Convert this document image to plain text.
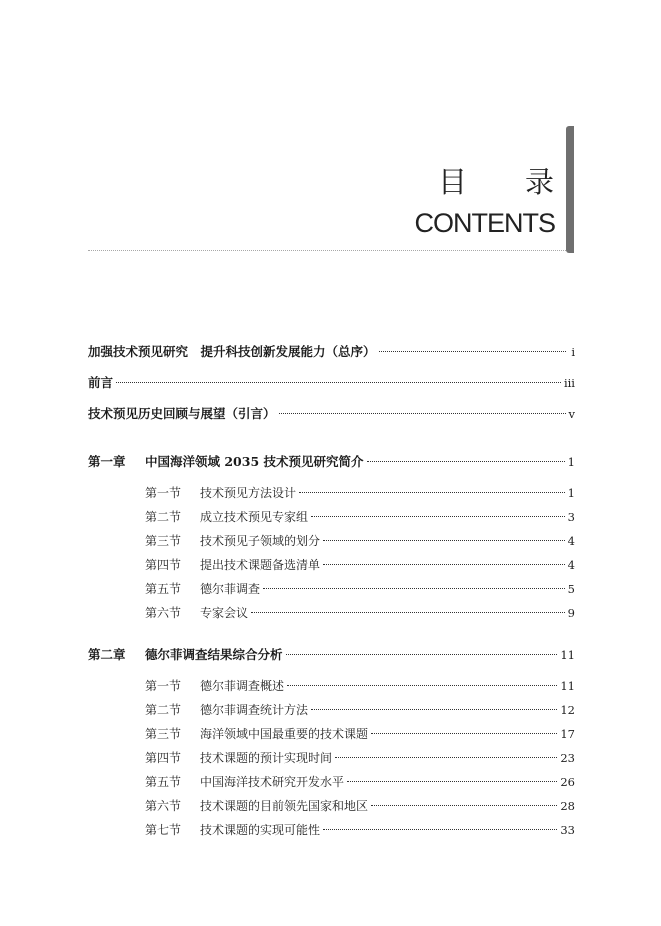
目 录
CONTENTS
加强技术预见研究　提升科技创新发展能力（总序）	i
前言	iii
技术预见历史回顾与展望（引言）	v
第一章	中国海洋领域 2035 技术预见研究简介	1
第一节	技术预见方法设计	1
第二节	成立技术预见专家组	3
第三节	技术预见子领域的划分	4
第四节	提出技术课题备选清单	4
第五节	德尔菲调查	5
第六节	专家会议	9
第二章	德尔菲调查结果综合分析	11
第一节	德尔菲调查概述	11
第二节	德尔菲调查统计方法	12
第三节	海洋领域中国最重要的技术课题	17
第四节	技术课题的预计实现时间	23
第五节	中国海洋技术研究开发水平	26
第六节	技术课题的目前领先国家和地区	28
第七节	技术课题的实现可能性	33
